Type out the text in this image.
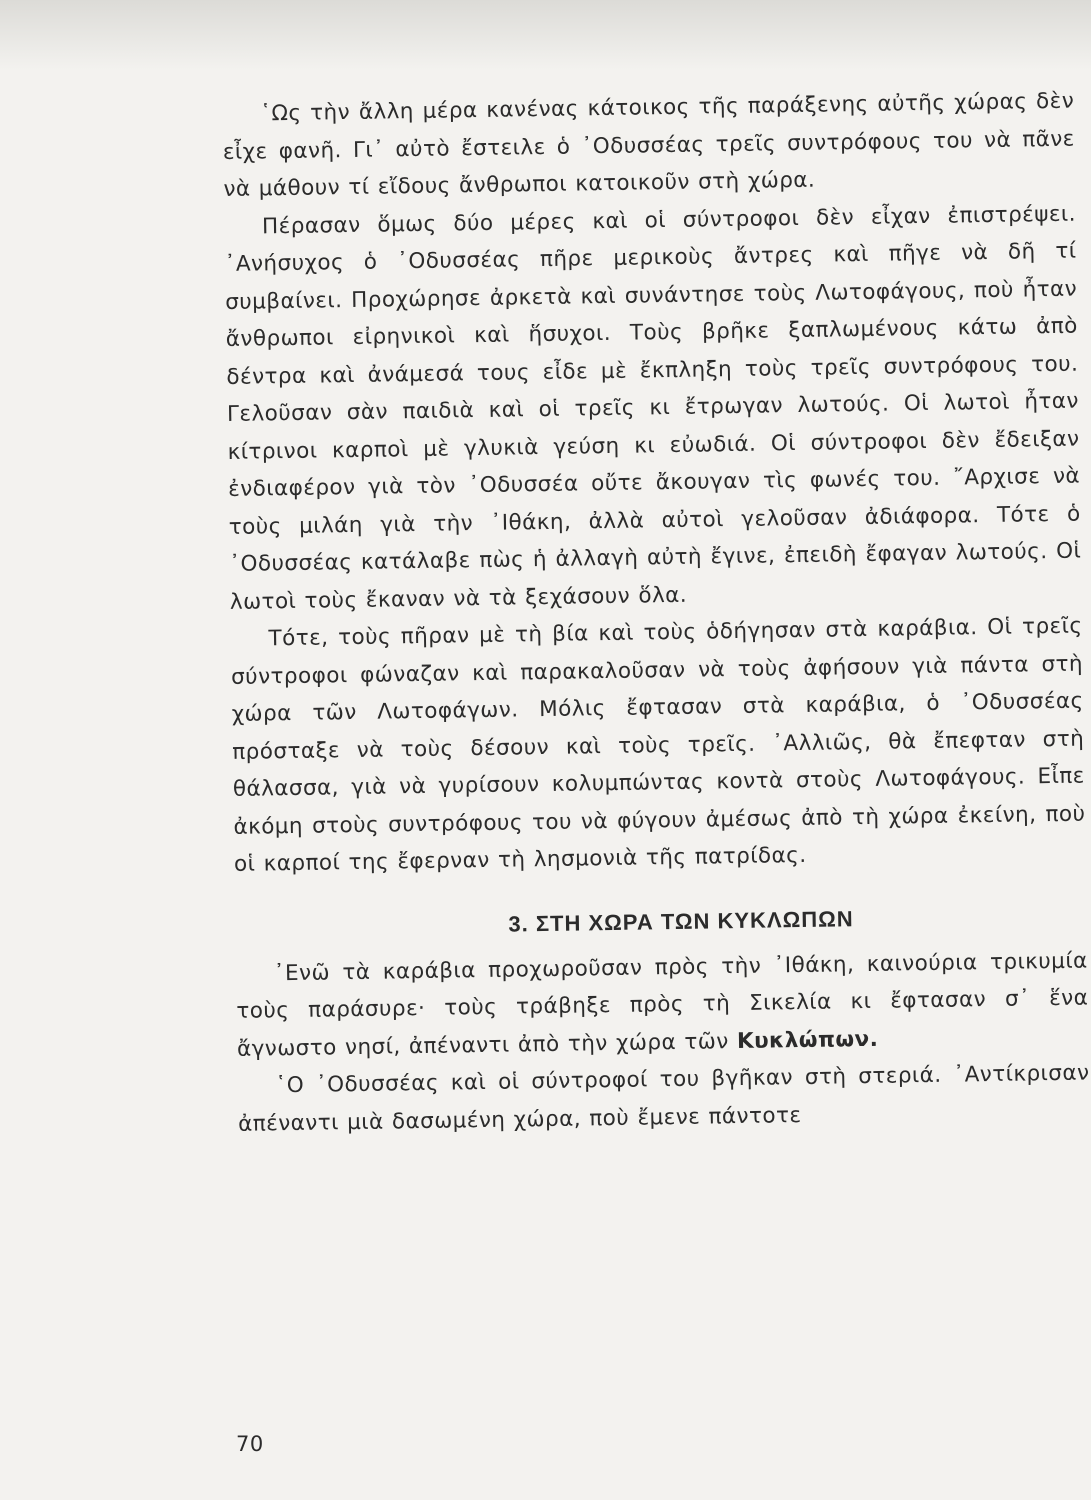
῾Ως τὴν ἄλλη μέρα κανένας κάτοικος τῆς παράξενης αὐτῆς χώρας δὲν εἶχε φανῆ. Γι᾽ αὐτὸ ἔστειλε ὁ ᾽Οδυσσέας τρεῖς συντρόφους του νὰ πᾶνε νὰ μάθουν τί εἴδους ἄνθρωποι κατοικοῦν στὴ χώρα.

Πέρασαν ὅμως δύο μέρες καὶ οἱ σύντροφοι δὲν εἶχαν ἐπιστρέψει. ᾽Ανήσυχος ὁ ᾽Οδυσσέας πῆρε μερικοὺς ἄντρες καὶ πῆγε νὰ δῆ τί συμβαίνει. Προχώρησε ἀρκετὰ καὶ συνάντησε τοὺς Λωτοφάγους, ποὺ ἦταν ἄνθρωποι εἰρηνικοὶ καὶ ἥσυχοι. Τοὺς βρῆκε ξαπλωμένους κάτω ἀπὸ δέντρα καὶ ἀνάμεσά τους εἶδε μὲ ἔκπληξη τοὺς τρεῖς συντρόφους του. Γελοῦσαν σὰν παιδιὰ καὶ οἱ τρεῖς κι ἔτρωγαν λωτούς. Οἱ λωτοὶ ἦταν κίτρινοι καρποὶ μὲ γλυκιὰ γεύση κι εὐωδιά. Οἱ σύντροφοι δὲν ἔδειξαν ἐνδιαφέρον γιὰ τὸν ᾽Οδυσσέα οὔτε ἄκουγαν τὶς φωνές του. ῎Αρχισε νὰ τοὺς μιλάη γιὰ τὴν ᾽Ιθάκη, ἀλλὰ αὐτοὶ γελοῦσαν ἀδιάφορα. Τότε ὁ ᾽Οδυσσέας κατάλαβε πὼς ἡ ἀλλαγὴ αὐτὴ ἔγινε, ἐπειδὴ ἔφαγαν λωτούς. Οἱ λωτοὶ τοὺς ἔκαναν νὰ τὰ ξεχάσουν ὅλα.

Τότε, τοὺς πῆραν μὲ τὴ βία καὶ τοὺς ὁδήγησαν στὰ καράβια. Οἱ τρεῖς σύντροφοι φώναζαν καὶ παρακαλοῦσαν νὰ τοὺς ἀφήσουν γιὰ πάντα στὴ χώρα τῶν Λωτοφάγων. Μόλις ἔφτασαν στὰ καράβια, ὁ ᾽Οδυσσέας πρόσταξε νὰ τοὺς δέσουν καὶ τοὺς τρεῖς. ᾽Αλλιῶς, θὰ ἔπεφταν στὴ θάλασσα, γιὰ νὰ γυρίσουν κολυμπώντας κοντὰ στοὺς Λωτοφάγους. Εἶπε ἀκόμη στοὺς συντρόφους του νὰ φύγουν ἀμέσως ἀπὸ τὴ χώρα ἐκείνη, ποὺ οἱ καρποί της ἔφερναν τὴ λησμονιὰ τῆς πατρίδας.

3. ΣΤΗ ΧΩΡΑ ΤΩΝ ΚΥΚΛΩΠΩΝ

᾽Ενῶ τὰ καράβια προχωροῦσαν πρὸς τὴν ᾽Ιθάκη, καινούρια τρικυμία τοὺς παράσυρε· τοὺς τράβηξε πρὸς τὴ Σικελία κι ἔφτασαν σ᾽ ἕνα ἄγνωστο νησί, ἀπέναντι ἀπὸ τὴν χώρα τῶν Κυκλώπων.

῾Ο ᾽Οδυσσέας καὶ οἱ σύντροφοί του βγῆκαν στὴ στεριά. ᾽Αντίκρισαν ἀπέναντι μιὰ δασωμένη χώρα, ποὺ ἔμενε πάντοτε

70
